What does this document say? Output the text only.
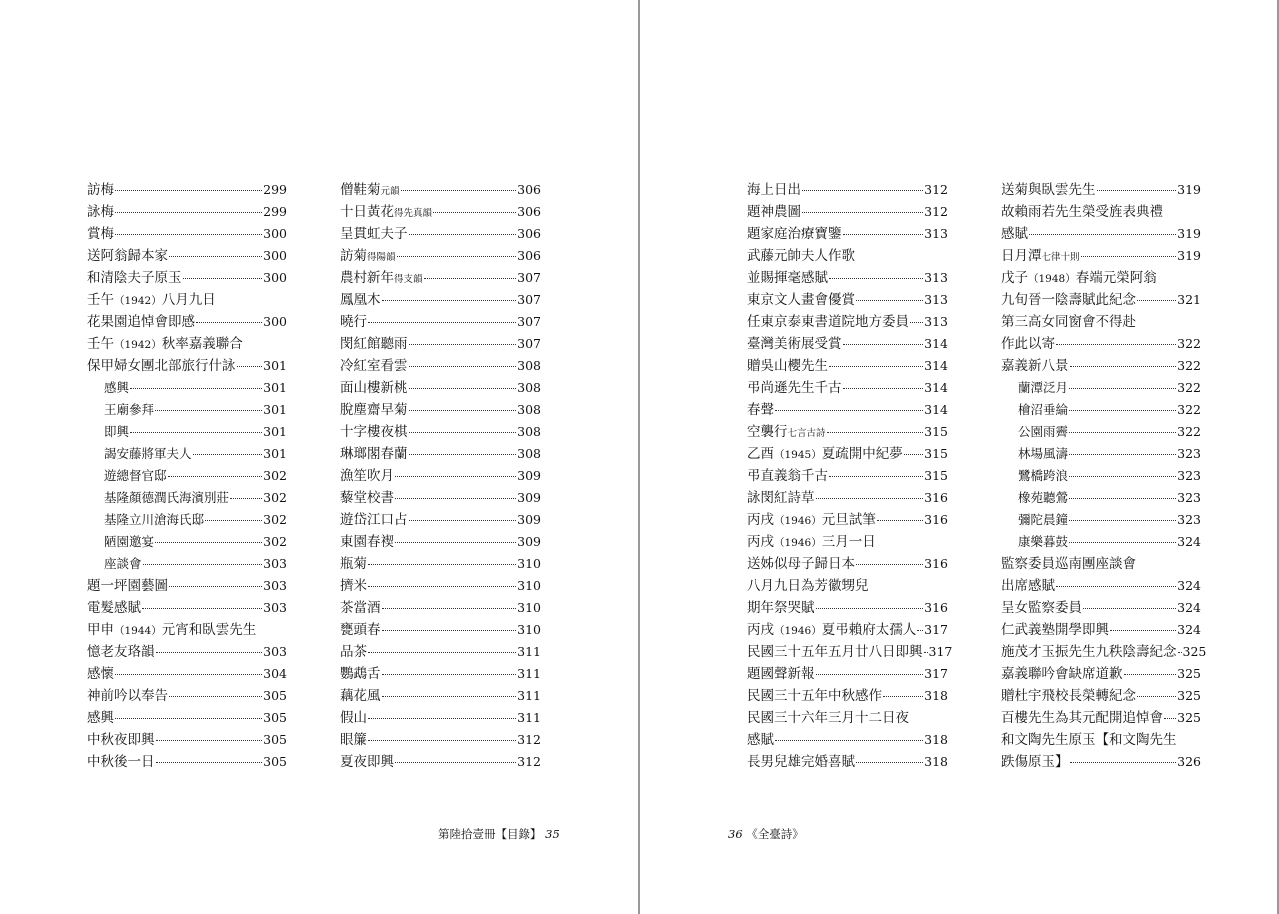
訪梅	299
詠梅	299
賞梅	300
送阿翁歸本家	300
和清陰夫子原玉	300
壬午（1942）八月九日
花果園追悼會即感	300
壬午（1942）秋率嘉義聯合
保甲婦女團北部旅行什詠 301
感興	301
王廟參拜	301
即興	301
謁安藤將軍夫人	301
遊總督官邸	302
基隆顏德潤氏海濱別莊	302
基隆立川滄海氏邸	302
陋園邀宴	302
座談會	303
題一坪園藝圖	303
電髮感賦	303
甲申（1944）元宵和臥雲先生
憶老友珞韻	303
感懷	304
神前吟以奉告	305
感興	305
中秋夜即興	305
中秋後一日	305
僧鞋菊元韻	306
十日黃花得先真韻	306
呈貫虹夫子	306
訪菊得陽韻	306
農村新年得支韻	307
鳳凰木	307
曉行	307
閔紅館聽雨	307
冷紅室看雲	308
面山樓新桃	308
脫塵齋早菊	308
十字樓夜棋	308
琳瑯閣春蘭	308
漁笙吹月	309
藜堂校書	309
遊岱江口占	309
東園春褉	309
瓶菊	310
擠米	310
茶當酒	310
甕頭春	310
品茶	311
鸚鵡舌	311
藕花風	311
假山	311
眼簾	312
夏夜即興	312
第陸拾壹冊【目錄】 35
海上日出	312
題神農圖	312
題家庭治療寶鑒	313
武藤元帥夫人作歌
並賜揮毫感賦	313
東京文人畫會優賞	313
任東京泰東書道院地方委員 313
臺灣美術展受賞	314
贈吳山櫻先生	314
弔尚遜先生千古	314
春聲	314
空襲行七言古詩	315
乙酉（1945）夏疏開中紀夢 315
弔直義翁千古	315
詠閔紅詩草	316
丙戌（1946）元旦試筆	316
丙戌（1946）三月一日
送姊似母子歸日本	316
八月九日為芳徽甥兒
期年祭哭賦	316
丙戌（1946）夏弔賴府太孺人 317
民國三十五年五月廿八日即興 317
題國聲新報	317
民國三十五年中秋感作	318
民國三十六年三月十二日夜
感賦	318
長男兒雄完婚喜賦	318
送菊與臥雲先生	319
故賴雨若先生榮受旌表典禮
感賦	319
日月潭七律十則	319
戊子（1948）春端元榮阿翁
九旬晉一陰壽賦此紀念	321
第三高女同窗會不得赴
作此以寄	322
嘉義新八景	322
蘭潭泛月	322
檜沼垂綸	322
公園雨霽	322
林場風濤	323
鷺橋跨浪	323
橡苑聽鶯	323
彌陀晨鐘	323
康樂暮鼓	324
監察委員巡南團座談會
出席感賦	324
呈女監察委員	324
仁武義塾開學即興	324
施茂才玉振先生九秩陰壽紀念 325
嘉義聯吟會缺席道歉	325
贈杜宇飛校長榮轉紀念	325
百樓先生為其元配開追悼會 325
和文陶先生原玉【和文陶先生
跌傷原玉】	326
36 《全臺詩》
